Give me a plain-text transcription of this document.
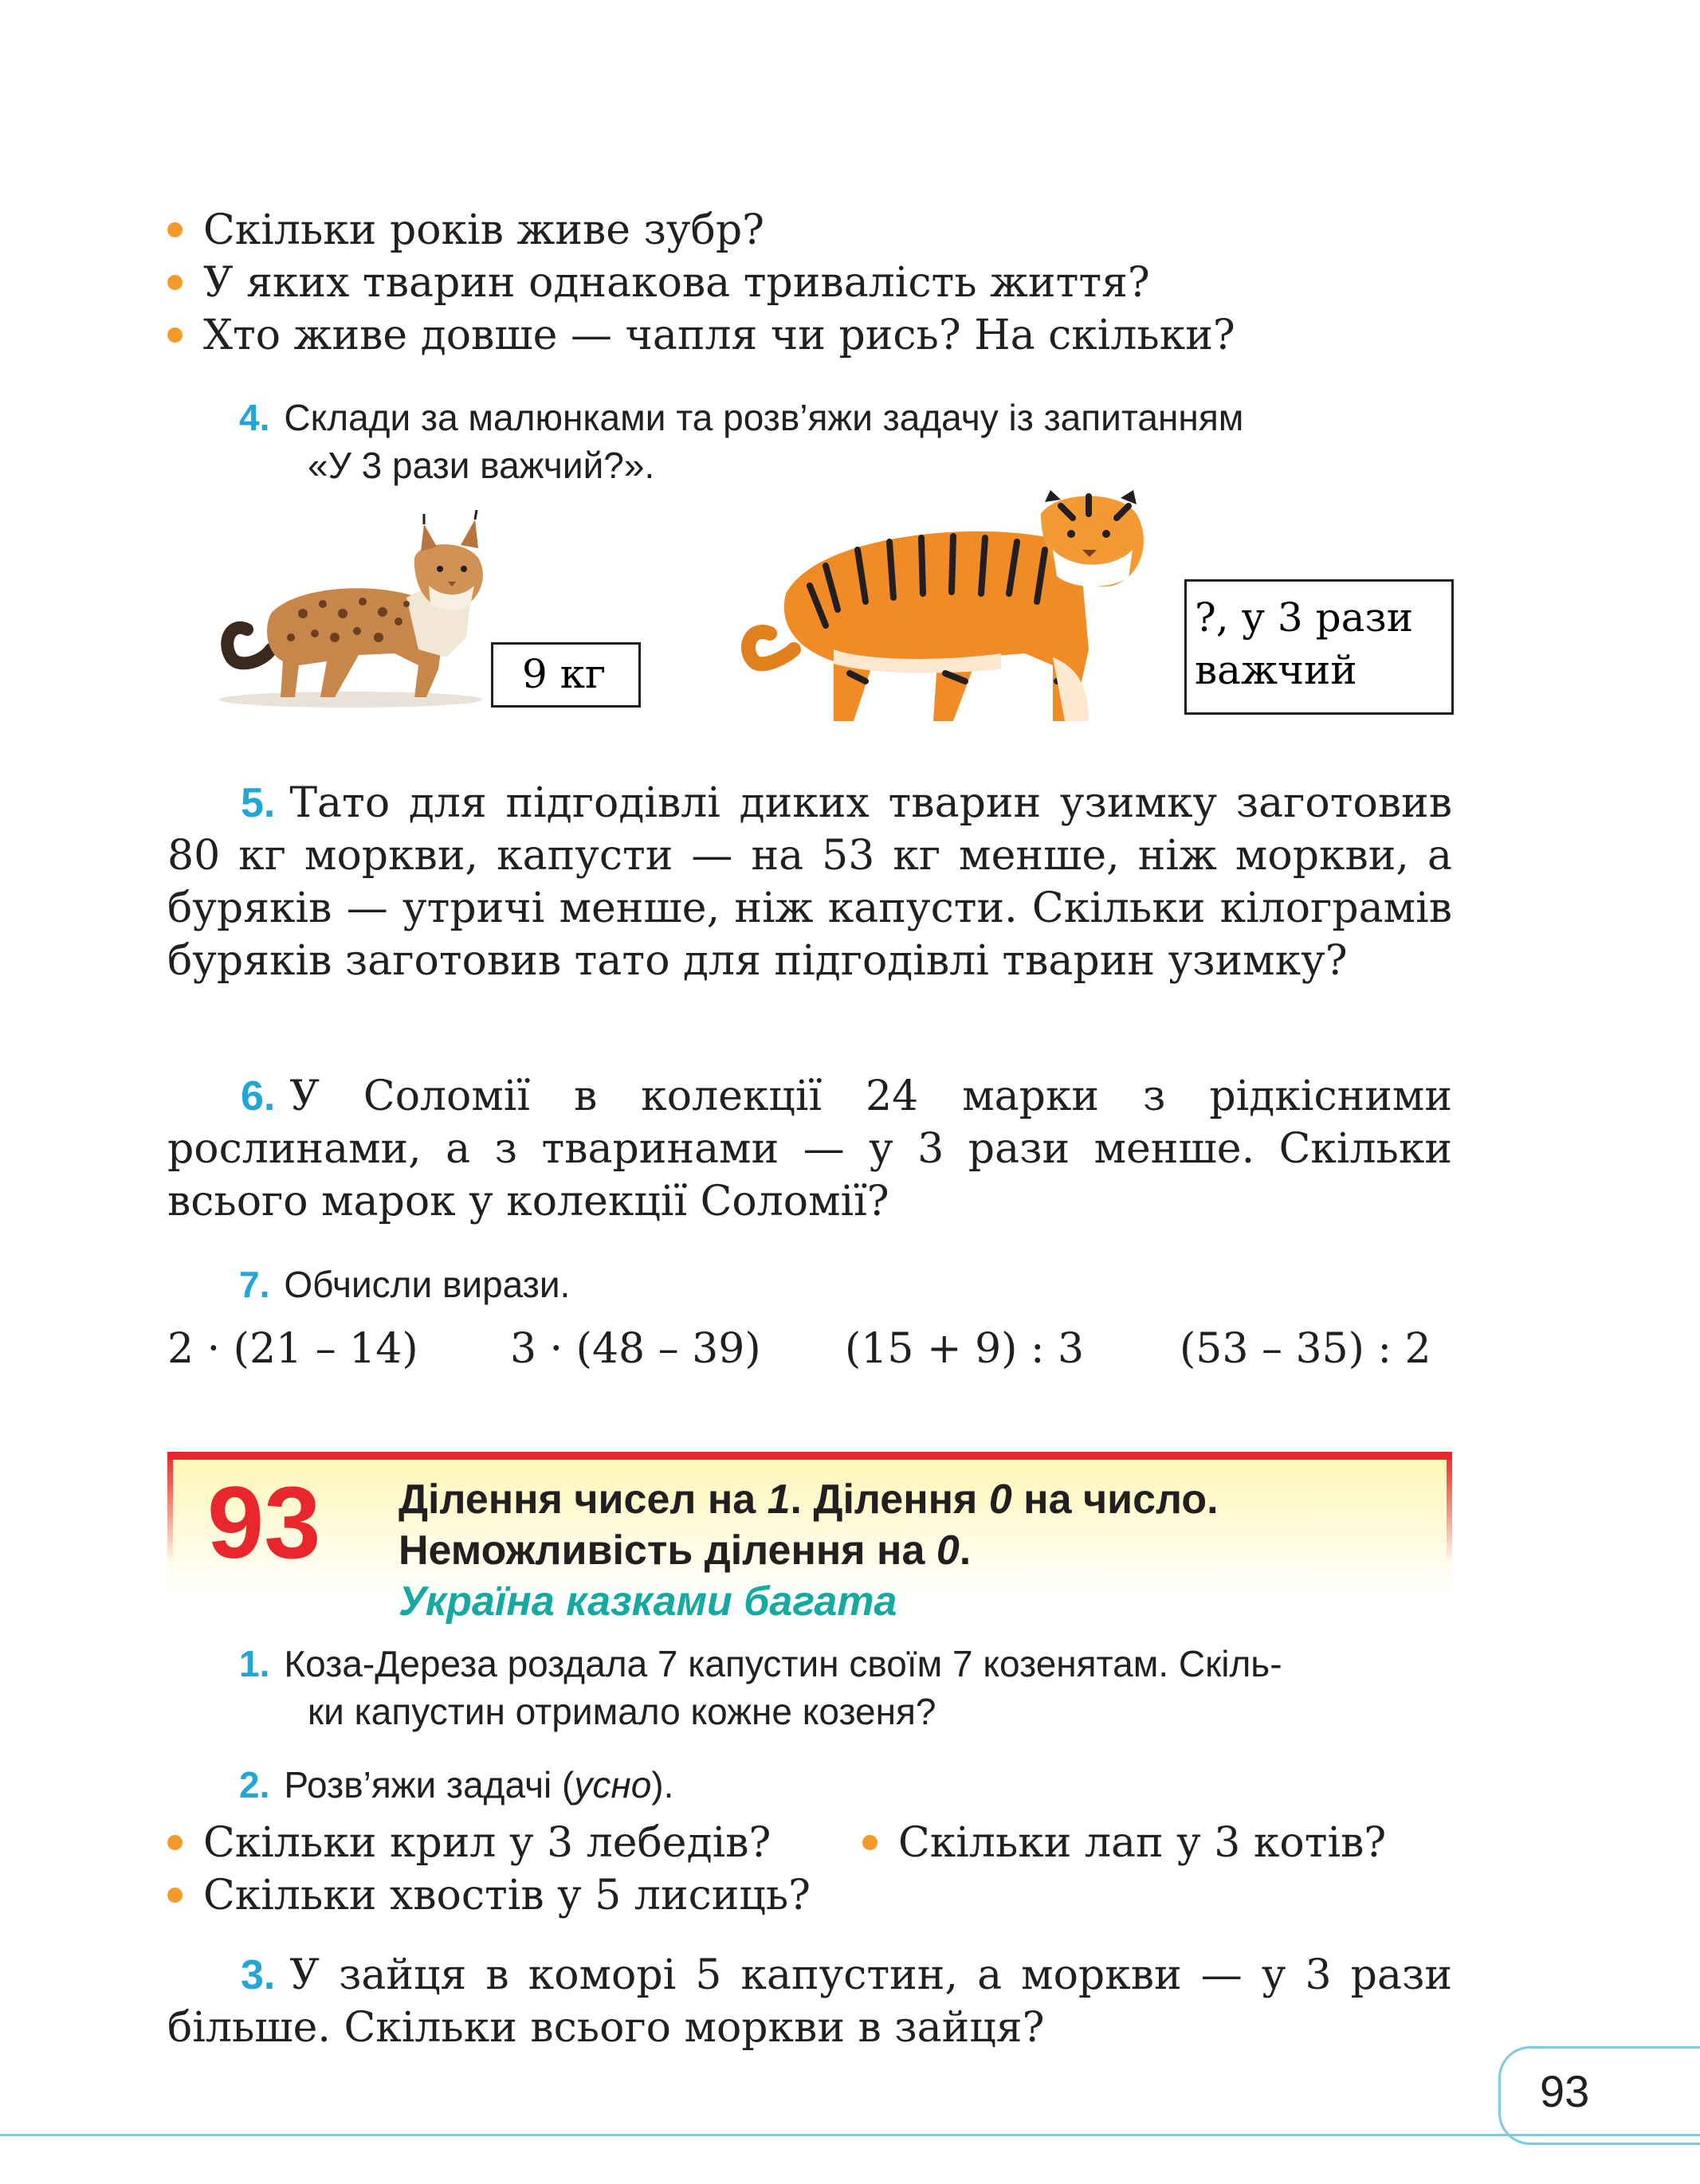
Скільки років живе зубр?
У яких тварин однакова тривалість життя?
Хто живе довше — чапля чи рись? На скільки?
4. Склади за малюнками та розв’яжи задачу із запитанням
«У 3 рази важчий?».
9 кг
?, у 3 рази
важчий
5. Тато для підгодівлі диких тварин узимку заготовив 80 кг моркви, капусти — на 53 кг менше, ніж моркви, а буряків — утричі менше, ніж капусти. Скільки кілограмів буряків заготовив тато для підгодівлі тварин узимку?
6. У Соломії в колекції 24 марки з рідкісними рослинами, а з тваринами — у 3 рази менше. Скільки всього марок у колекції Соломії?
7. Обчисли вирази.
2 · (21 – 14) 3 · (48 – 39) (15 + 9) : 3 (53 – 35) : 2
93 Ділення чисел на 1. Ділення 0 на число.
Неможливість ділення на 0.
Україна казками багата
1. Коза-Дереза роздала 7 капустин своїм 7 козенятам. Скіль-
ки капустин отримало кожне козеня?
2. Розв’яжи задачі (усно).
Скільки крил у 3 лебедів?	Скільки лап у 3 котів?
Скільки хвостів у 5 лисиць?
3. У зайця в коморі 5 капустин, а моркви — у 3 рази більше. Скільки всього моркви в зайця?
93
